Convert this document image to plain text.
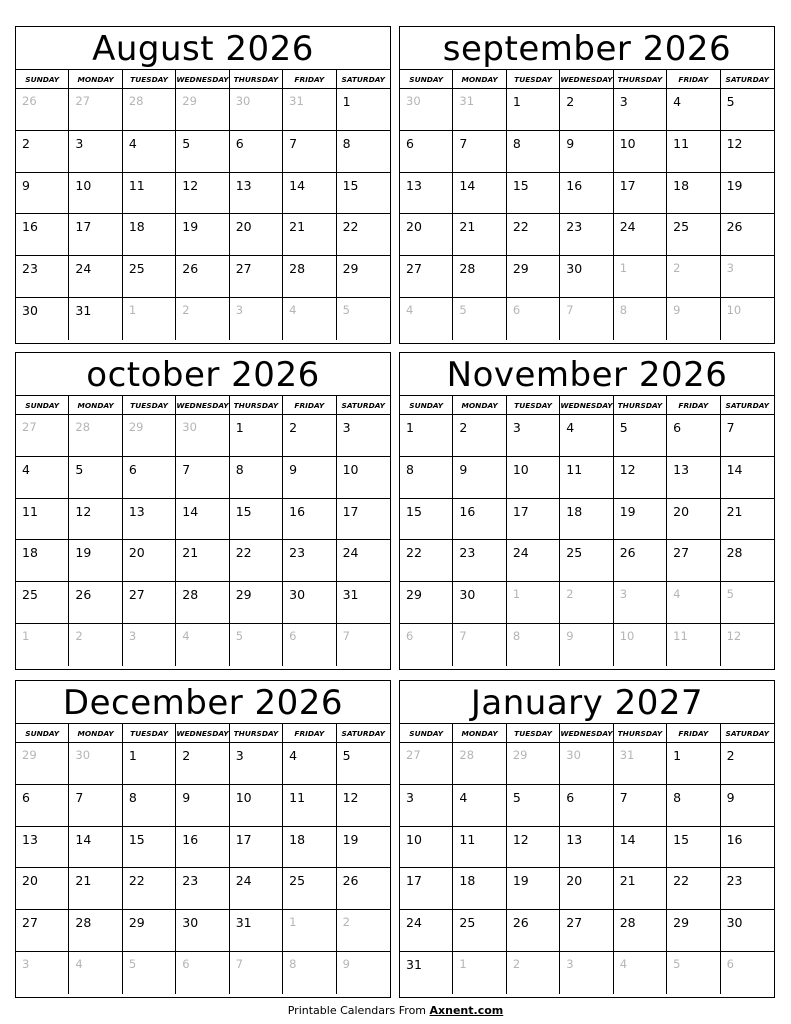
August 2026
SUNDAY	MONDAY	TUESDAY	WEDNESDAY THURSDAY	FRIDAY	SATURDAY
26	27	28	29	30	31	1
2	3	4	5	6	7	8
9	10	11	12	13	14	15
16	17	18	19	20	21	22
23	24	25	26	27	28	29
30	31	1	2	3	4	5
september 2026
SUNDAY	MONDAY	TUESDAY	WEDNESDAY THURSDAY	FRIDAY	SATURDAY
30	31	1	2	3	4	5
6	7	8	9	10	11	12
13	14	15	16	17	18	19
20	21	22	23	24	25	26
27	28	29	30	1	2	3
4	5	6	7	8	9	10
october 2026
SUNDAY	MONDAY	TUESDAY	WEDNESDAY THURSDAY	FRIDAY	SATURDAY
27	28	29	30	1	2	3
4	5	6	7	8	9	10
11	12	13	14	15	16	17
18	19	20	21	22	23	24
25	26	27	28	29	30	31
1	2	3	4	5	6	7
November 2026
SUNDAY	MONDAY	TUESDAY	WEDNESDAY THURSDAY	FRIDAY	SATURDAY
1	2	3	4	5	6	7
8	9	10	11	12	13	14
15	16	17	18	19	20	21
22	23	24	25	26	27	28
29	30	1	2	3	4	5
6	7	8	9	10	11	12
December 2026
SUNDAY	MONDAY	TUESDAY	WEDNESDAY THURSDAY	FRIDAY	SATURDAY
29	30	1	2	3	4	5
6	7	8	9	10	11	12
13	14	15	16	17	18	19
20	21	22	23	24	25	26
27	28	29	30	31	1	2
3	4	5	6	7	8	9
January 2027
SUNDAY	MONDAY	TUESDAY	WEDNESDAY THURSDAY	FRIDAY	SATURDAY
27	28	29	30	31	1	2
3	4	5	6	7	8	9
10	11	12	13	14	15	16
17	18	19	20	21	22	23
24	25	26	27	28	29	30
31	1	2	3	4	5	6
Printable Calendars From Axnent.com
